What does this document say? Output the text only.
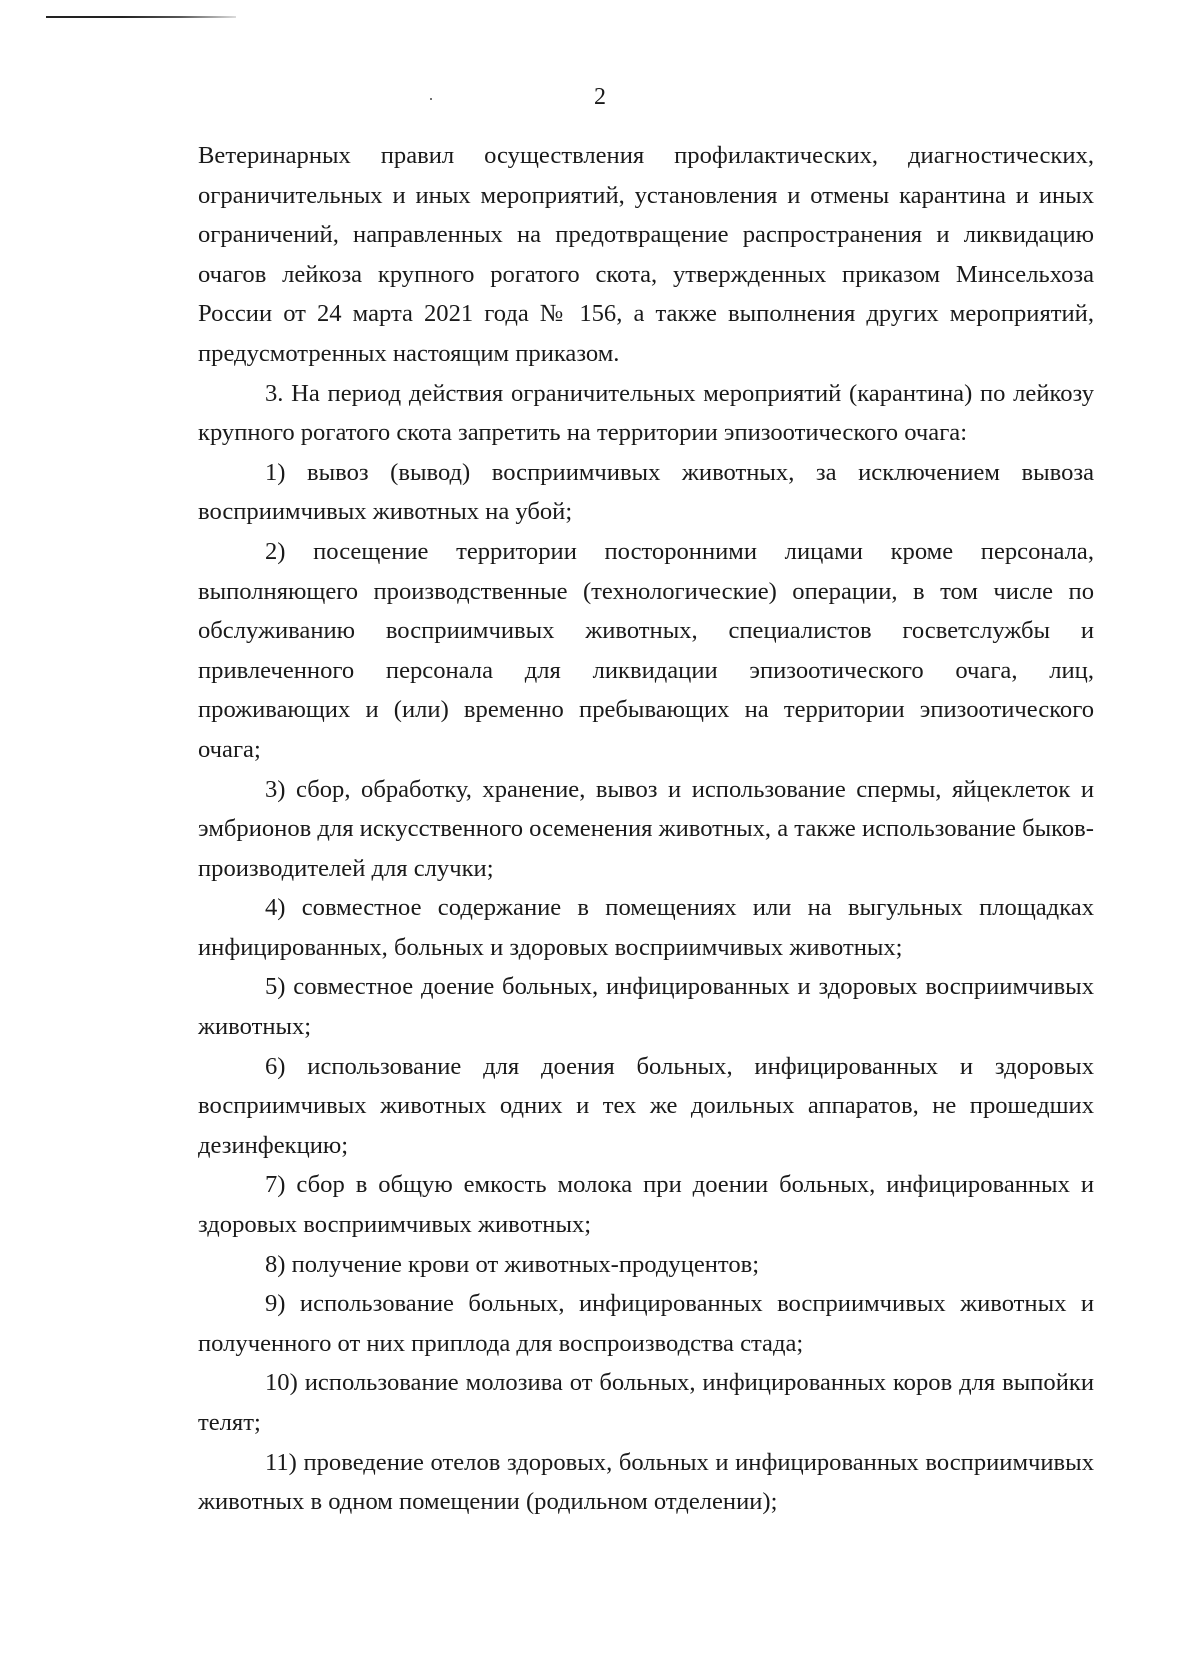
2

Ветеринарных правил осуществления профилактических, диагностических, ограничительных и иных мероприятий, установления и отмены карантина и иных ограничений, направленных на предотвращение распространения и ликвидацию очагов лейкоза крупного рогатого скота, утвержденных приказом Минсельхоза России от 24 марта 2021 года № 156, а также выполнения других мероприятий, предусмотренных настоящим приказом.

3. На период действия ограничительных мероприятий (карантина) по лейкозу крупного рогатого скота запретить на территории эпизоотического очага:

1) вывоз (вывод) восприимчивых животных, за исключением вывоза восприимчивых животных на убой;

2) посещение территории посторонними лицами кроме персонала, выполняющего производственные (технологические) операции, в том числе по обслуживанию восприимчивых животных, специалистов госветслужбы и привлеченного персонала для ликвидации эпизоотического очага, лиц, проживающих и (или) временно пребывающих на территории эпизоотического очага;

3) сбор, обработку, хранение, вывоз и использование спермы, яйцеклеток и эмбрионов для искусственного осеменения животных, а также использование быков-производителей для случки;

4) совместное содержание в помещениях или на выгульных площадках инфицированных, больных и здоровых восприимчивых животных;

5) совместное доение больных, инфицированных и здоровых восприимчивых животных;

6) использование для доения больных, инфицированных и здоровых восприимчивых животных одних и тех же доильных аппаратов, не прошедших дезинфекцию;

7) сбор в общую емкость молока при доении больных, инфицированных и здоровых восприимчивых животных;

8) получение крови от животных-продуцентов;

9) использование больных, инфицированных восприимчивых животных и полученного от них приплода для воспроизводства стада;

10) использование молозива от больных, инфицированных коров для выпойки телят;

11) проведение отелов здоровых, больных и инфицированных восприимчивых животных в одном помещении (родильном отделении);
